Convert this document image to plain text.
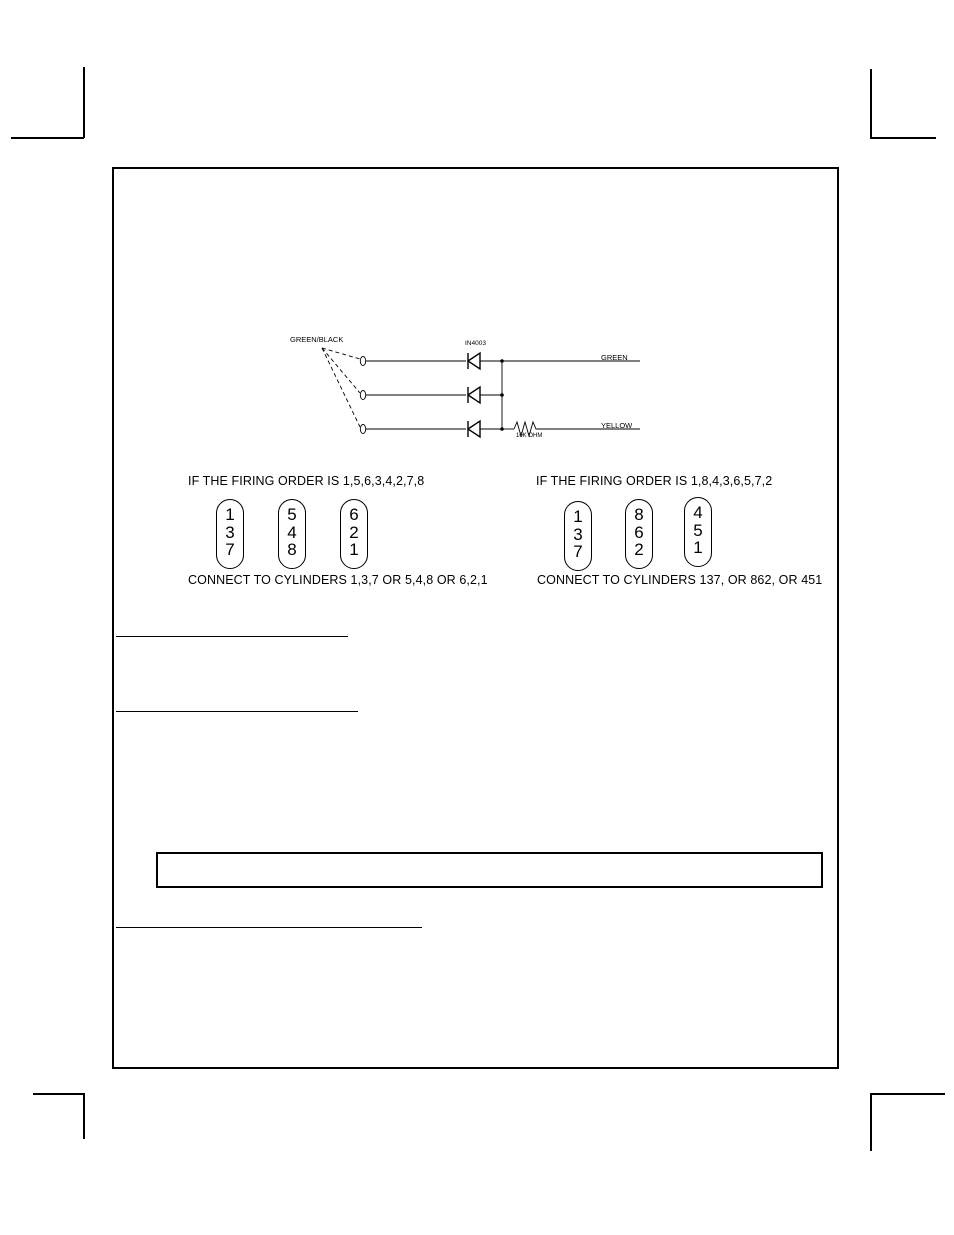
GREEN/BLACK	IN4003
10K OHM
GREEN
YELLOW
IF THE FIRING ORDER IS 1,5,6,3,4,2,7,8
1
3
7
5
4
8
6
2
1
CONNECT TO CYLINDERS 1,3,7 OR 5,4,8 OR 6,2,1
IF THE FIRING ORDER IS 1,8,4,3,6,5,7,2
1
3
7
8
6
2
4
5
1
CONNECT TO CYLINDERS 137, OR 862, OR 451
